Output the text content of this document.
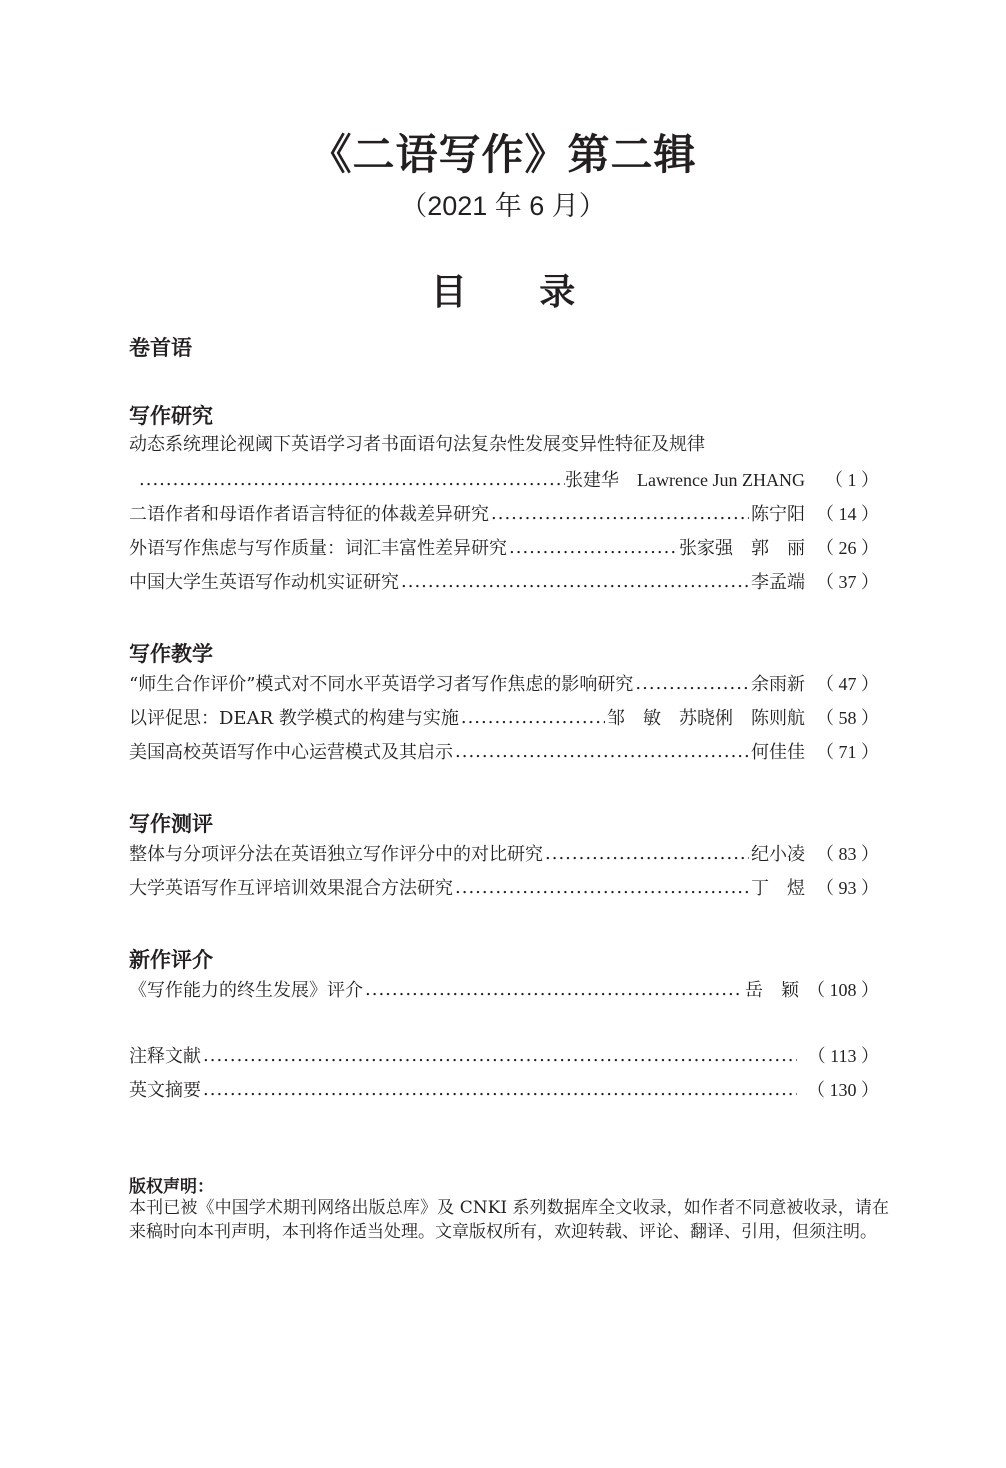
《二语写作》第二辑
（2021 年 6 月）
目 录
卷首语
写作研究
动态系统理论视阈下英语学习者书面语句法复杂性发展变异性特征及规律
.....
张建华　Lawrence Jun ZHANG	（ 1 ）
二语作者和母语作者语言特征的体裁差异研究 .....	陈宁阳 （ 14 ）
外语写作焦虑与写作质量：词汇丰富性差异研究 .....	张家强　郭　丽 （ 26 ）
中国大学生英语写作动机实证研究 .....	李孟端 （ 37 ）
写作教学
“师生合作评价”模式对不同水平英语学习者写作焦虑的影响研究 .....	余雨新 （ 47 ）
以评促思：DEAR 教学模式的构建与实施 .....	邹　敏　苏晓俐　陈则航 （ 58 ）
美国高校英语写作中心运营模式及其启示 .....	何佳佳 （ 71 ）
写作测评
整体与分项评分法在英语独立写作评分中的对比研究 .....	纪小凌 （ 83 ）
大学英语写作互评培训效果混合方法研究 .....	丁　煜 （ 93 ）
新作评介
《写作能力的终生发展》评介 .....	岳　颖 （ 108 ）
注释文献 .....	（ 113 ）
英文摘要 .....	（ 130 ）
版权声明：
本刊已被《中国学术期刊网络出版总库》及 CNKI 系列数据库全文收录，如作者不同意被收录，请在来稿时向本刊声明，本刊将作适当处理。文章版权所有，欢迎转载、评论、翻译、引用，但须注明。
